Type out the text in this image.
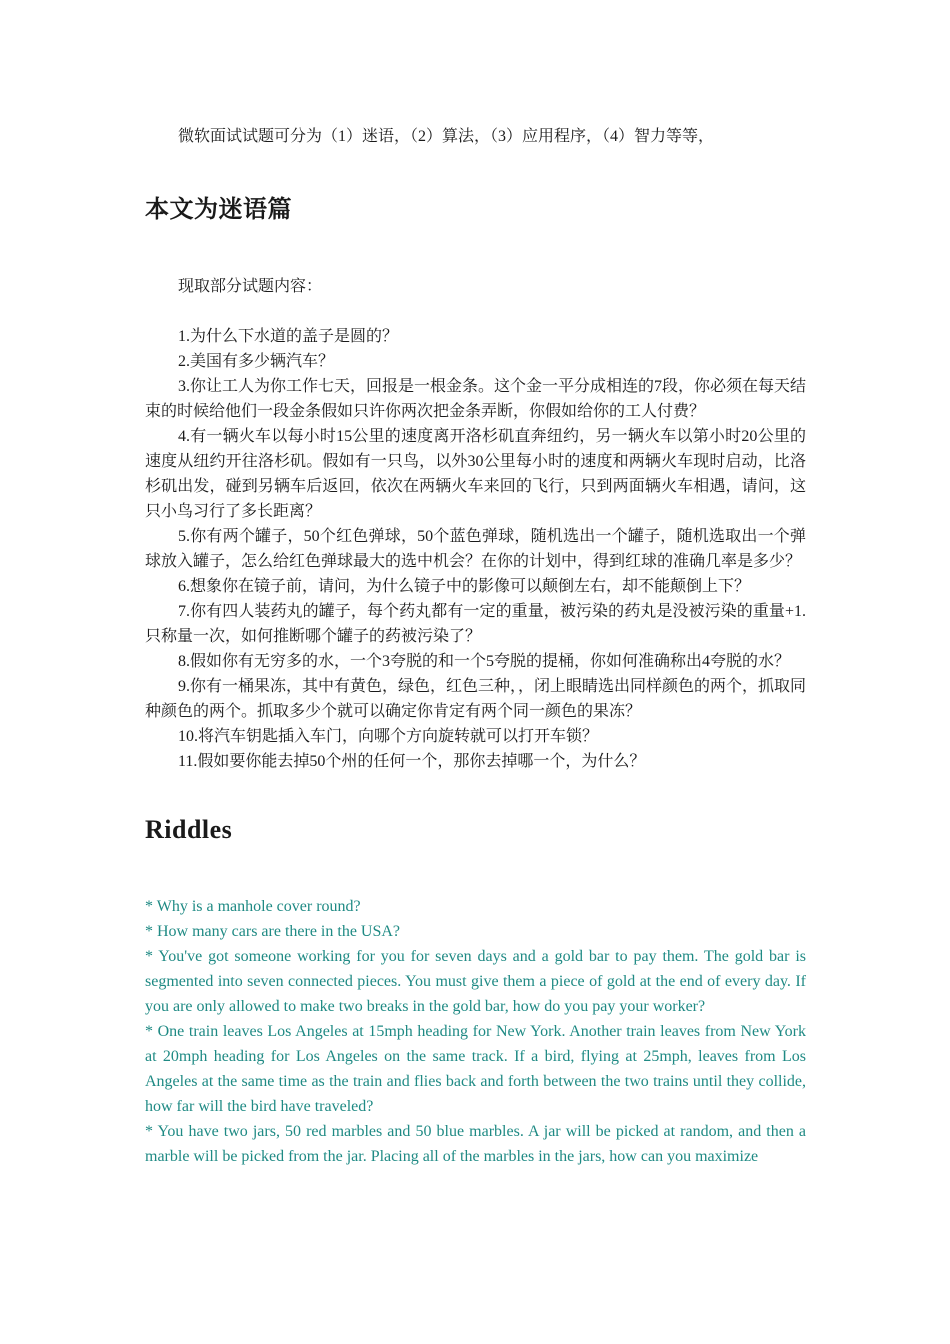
微软面试试题可分为（1）迷语，（2）算法，（3）应用程序，（4）智力等等，

本文为迷语篇

现取部分试题内容：

1.为什么下水道的盖子是圆的？

2.美国有多少辆汽车？

3.你让工人为你工作七天，回报是一根金条。这个金一平分成相连的7段，你必须在每天结束的时候给他们一段金条假如只许你两次把金条弄断，你假如给你的工人付费？

4.有一辆火车以每小时15公里的速度离开洛杉矶直奔纽约，另一辆火车以第小时20公里的速度从纽约开往洛杉矶。假如有一只鸟，以外30公里每小时的速度和两辆火车现时启动，比洛杉矶出发，碰到另辆车后返回，依次在两辆火车来回的飞行，只到两面辆火车相遇，请问，这只小鸟习行了多长距离？

5.你有两个罐子，50个红色弹球，50个蓝色弹球，随机选出一个罐子，随机选取出一个弹球放入罐子，怎么给红色弹球最大的选中机会？在你的计划中，得到红球的准确几率是多少？

6.想象你在镜子前，请问，为什么镜子中的影像可以颠倒左右，却不能颠倒上下？

7.你有四人装药丸的罐子，每个药丸都有一定的重量，被污染的药丸是没被污染的重量+1.只称量一次，如何推断哪个罐子的药被污染了？

8.假如你有无穷多的水，一个3夸脱的和一个5夸脱的提桶，你如何准确称出4夸脱的水？

9.你有一桶果冻，其中有黄色，绿色，红色三种，，闭上眼睛选出同样颜色的两个，抓取同种颜色的两个。抓取多少个就可以确定你肯定有两个同一颜色的果冻？

10.将汽车钥匙插入车门，向哪个方向旋转就可以打开车锁？

11.假如要你能去掉50个州的任何一个，那你去掉哪一个，为什么？

Riddles

* Why is a manhole cover round?

* How many cars are there in the USA?

* You've got someone working for you for seven days and a gold bar to pay them. The gold bar is segmented into seven connected pieces. You must give them a piece of gold at the end of every day. If you are only allowed to make two breaks in the gold bar, how do you pay your worker?

* One train leaves Los Angeles at 15mph heading for New York. Another train leaves from New York at 20mph heading for Los Angeles on the same track. If a bird, flying at 25mph, leaves from Los Angeles at the same time as the train and flies back and forth between the two trains until they collide, how far will the bird have traveled?

* You have two jars, 50 red marbles and 50 blue marbles. A jar will be picked at random, and then a marble will be picked from the jar. Placing all of the marbles in the jars, how can you maximize
